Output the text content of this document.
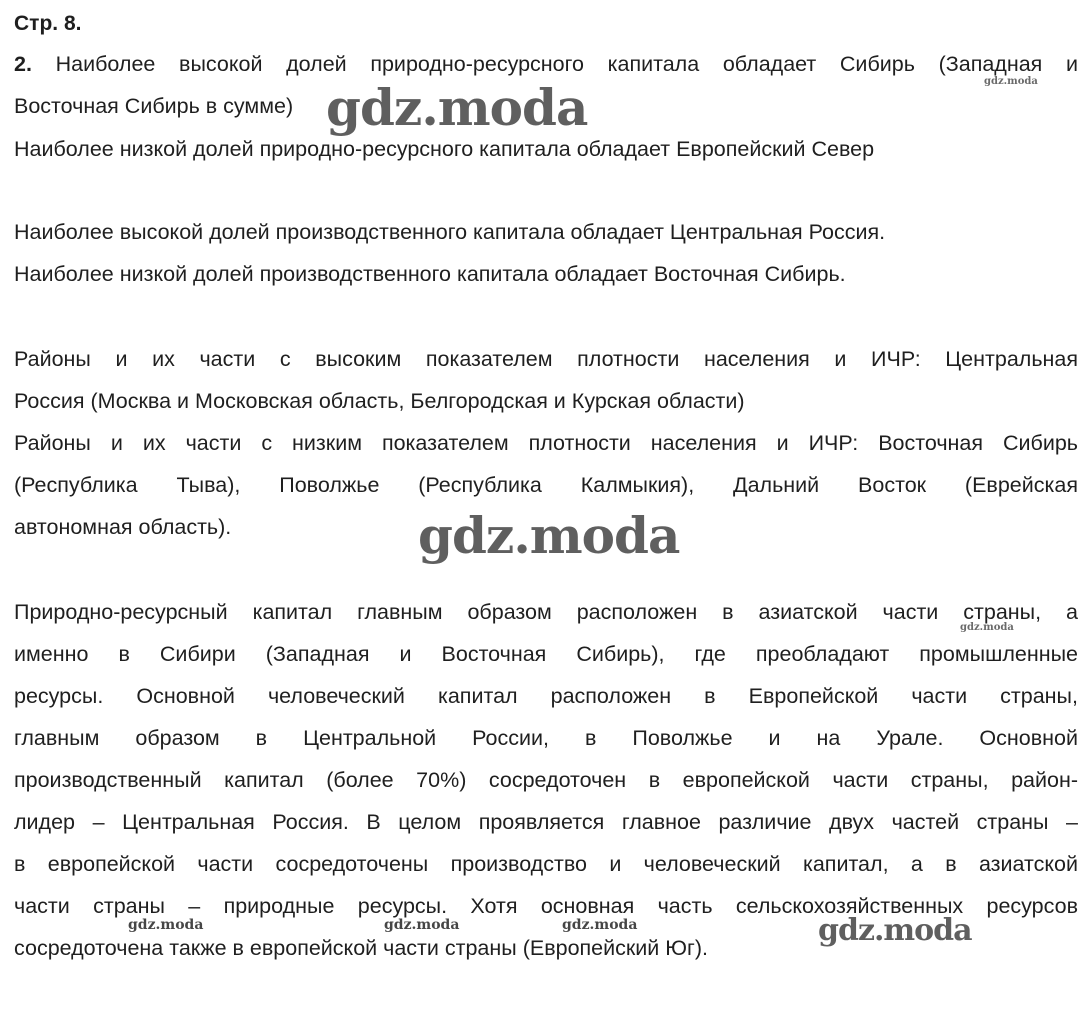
Стр. 8.
2. Наиболее высокой долей природно-ресурсного капитала обладает Сибирь (Западная и
Восточная Сибирь в сумме)
Наиболее низкой долей природно-ресурсного капитала обладает Европейский Север
Наиболее высокой долей производственного капитала обладает Центральная Россия.
Наиболее низкой долей производственного капитала обладает Восточная Сибирь.
Районы и их части с высоким показателем плотности населения и ИЧР: Центральная
Россия (Москва и Московская область, Белгородская и Курская области)
Районы и их части с низким показателем плотности населения и ИЧР: Восточная Сибирь
(Республика Тыва), Поволжье (Республика Калмыкия), Дальний Восток (Еврейская
автономная область).
Природно-ресурсный капитал главным образом расположен в азиатской части страны, а
именно в Сибири (Западная и Восточная Сибирь), где преобладают промышленные
ресурсы. Основной человеческий капитал расположен в Европейской части страны,
главным образом в Центральной России, в Поволжье и на Урале. Основной
производственный капитал (более 70%) сосредоточен в европейской части страны, район-
лидер – Центральная Россия. В целом проявляется главное различие двух частей страны –
в европейской части сосредоточены производство и человеческий капитал, а в азиатской
части страны – природные ресурсы. Хотя основная часть сельскохозяйственных ресурсов
сосредоточена также в европейской части страны (Европейский Юг).
gdz.moda
gdz.moda
gdz.moda
gdz.moda	gdz.moda	gdz.moda
gdz.moda
gdz.moda
